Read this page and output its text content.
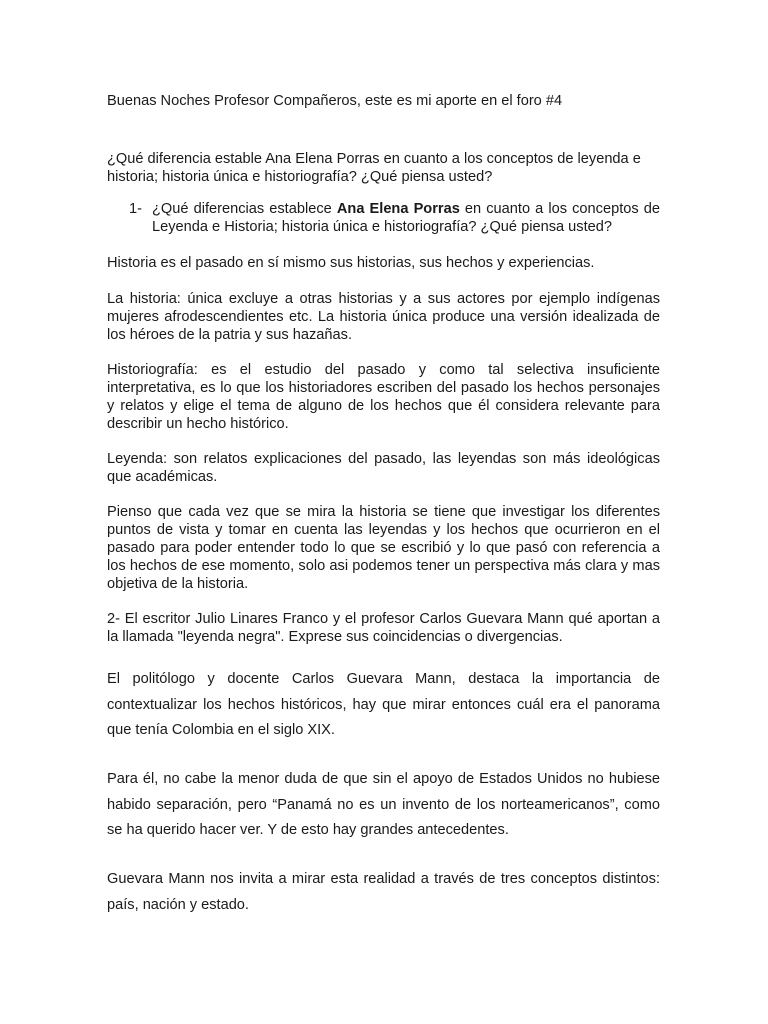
Buenas Noches Profesor Compañeros, este es mi aporte en el foro #4

¿Qué diferencia estable Ana Elena Porras en cuanto a los conceptos de leyenda e historia; historia única e historiografía? ¿Qué piensa usted?

1- ¿Qué diferencias establece Ana Elena Porras en cuanto a los conceptos de Leyenda e Historia; historia única e historiografía? ¿Qué piensa usted?

Historia es el pasado en sí mismo sus historias, sus hechos y experiencias.

La historia: única excluye a otras historias y a sus actores por ejemplo indígenas mujeres afrodescendientes etc. La historia única produce una versión idealizada de los héroes de la patria y sus hazañas.

Historiografía: es el estudio del pasado y como tal selectiva insuficiente interpretativa, es lo que los historiadores escriben del pasado los hechos personajes y relatos y elige el tema de alguno de los hechos que él considera relevante para describir un hecho histórico.

Leyenda: son relatos explicaciones del pasado, las leyendas son más ideológicas que académicas.

Pienso que cada vez que se mira la historia se tiene que investigar los diferentes puntos de vista y tomar en cuenta las leyendas y los hechos que ocurrieron en el pasado para poder entender todo lo que se escribió y lo que pasó con referencia a los hechos de ese momento, solo asi podemos tener un perspectiva más clara y mas objetiva de la historia.

2- El escritor Julio Linares Franco y el profesor Carlos Guevara Mann qué aportan a la llamada "leyenda negra". Exprese sus coincidencias o divergencias.

El politólogo y docente Carlos Guevara Mann, destaca la importancia de contextualizar los hechos históricos, hay que mirar entonces cuál era el panorama que tenía Colombia en el siglo XIX.

Para él, no cabe la menor duda de que sin el apoyo de Estados Unidos no hubiese habido separación, pero “Panamá no es un invento de los norteamericanos”, como se ha querido hacer ver. Y de esto hay grandes antecedentes.

Guevara Mann nos invita a mirar esta realidad a través de tres conceptos distintos: país, nación y estado.
